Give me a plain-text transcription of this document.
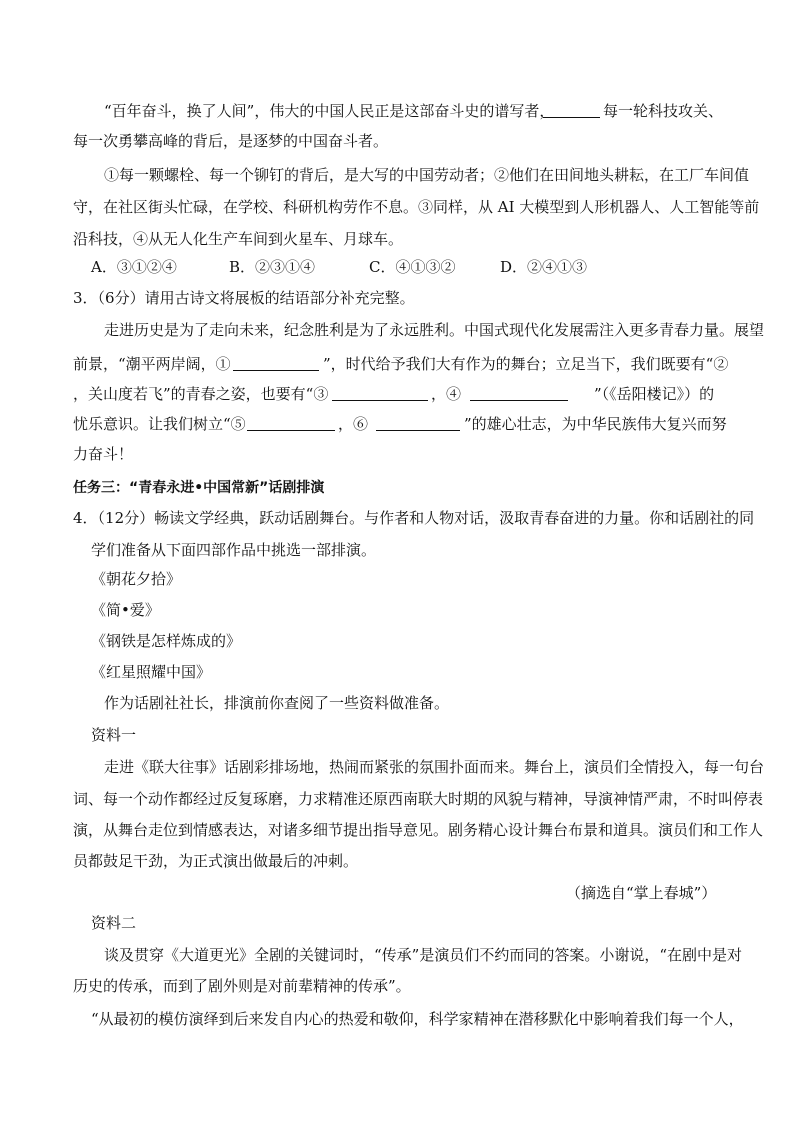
“百年奋斗，换了人间”，伟大的中国人民正是这部奋斗史的谱写者，	每一轮科技攻关、
每一次勇攀高峰的背后，是逐梦的中国奋斗者。
①每一颗螺栓、每一个铆钉的背后，是大写的中国劳动者；②他们在田间地头耕耘，在工厂车间值
守，在社区街头忙碌，在学校、科研机构劳作不息。③同样，从 AI 大模型到人形机器人、人工智能等前
沿科技，④从无人化生产车间到火星车、月球车。
A．③①②④	B．②③①④	C．④①③②	D．②④①③
3．（6分）请用古诗文将展板的结语部分补充完整。
走进历史是为了走向未来，纪念胜利是为了永远胜利。中国式现代化发展需注入更多青春力量。展望
前景，“潮平两岸阔，①	”，时代给予我们大有作为的舞台；立足当下，我们既要有“②
，关山度若飞”的青春之姿，也要有“③	，④	”（《岳阳楼记》）的
忧乐意识。让我们树立“⑤	，⑥	”的雄心壮志，为中华民族伟大复兴而努
力奋斗！
任务三：“青春永进•中国常新”话剧排演
4．（12分）畅读文学经典，跃动话剧舞台。与作者和人物对话，汲取青春奋进的力量。你和话剧社的同
学们准备从下面四部作品中挑选一部排演。
《朝花夕拾》
《简•爱》
《钢铁是怎样炼成的》
《红星照耀中国》
作为话剧社社长，排演前你查阅了一些资料做准备。
资料一
走进《联大往事》话剧彩排场地，热闹而紧张的氛围扑面而来。舞台上，演员们全情投入，每一句台
词、每一个动作都经过反复琢磨，力求精准还原西南联大时期的风貌与精神，导演神情严肃，不时叫停表
演，从舞台走位到情感表达，对诸多细节提出指导意见。剧务精心设计舞台布景和道具。演员们和工作人
员都鼓足干劲，为正式演出做最后的冲刺。
（摘选自“掌上春城”）
资料二
谈及贯穿《大道更光》全剧的关键词时，“传承”是演员们不约而同的答案。小谢说，“在剧中是对
历史的传承，而到了剧外则是对前辈精神的传承”。
“从最初的模仿演绎到后来发自内心的热爱和敬仰，科学家精神在潜移默化中影响着我们每一个人，
